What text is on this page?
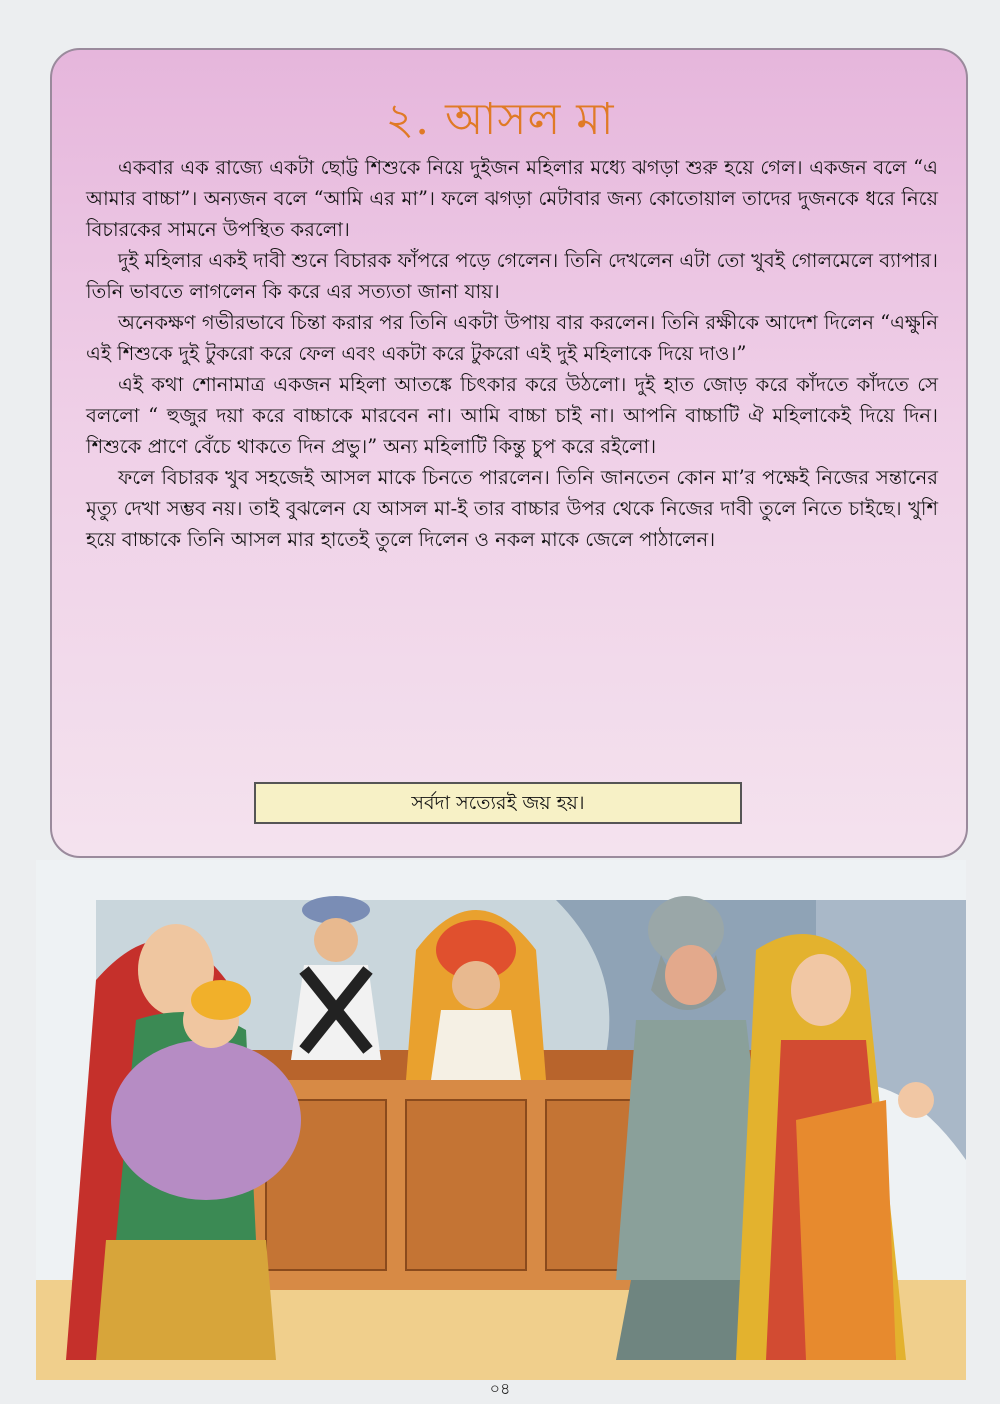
২. আসল মা

একবার এক রাজ্যে একটা ছোট্ট শিশুকে নিয়ে দুইজন মহিলার মধ্যে ঝগড়া শুরু হয়ে গেল। একজন বলে “এ আমার বাচ্চা”। অন্যজন বলে “আমি এর মা”। ফলে ঝগড়া মেটাবার জন্য কোতোয়াল তাদের দুজনকে ধরে নিয়ে বিচারকের সামনে উপস্থিত করলো।

দুই মহিলার একই দাবী শুনে বিচারক ফাঁপরে পড়ে গেলেন। তিনি দেখলেন এটা তো খুবই গোলমেলে ব্যাপার। তিনি ভাবতে লাগলেন কি করে এর সত্যতা জানা যায়।

অনেকক্ষণ গভীরভাবে চিন্তা করার পর তিনি একটা উপায় বার করলেন। তিনি রক্ষীকে আদেশ দিলেন “এক্ষুনি এই শিশুকে দুই টুকরো করে ফেল এবং একটা করে টুকরো এই দুই মহিলাকে দিয়ে দাও।”

এই কথা শোনামাত্র একজন মহিলা আতঙ্কে চিৎকার করে উঠলো। দুই হাত জোড় করে কাঁদতে কাঁদতে সে বললো “ হুজুর দয়া করে বাচ্চাকে মারবেন না। আমি বাচ্চা চাই না। আপনি বাচ্চাটি ঐ মহিলাকেই দিয়ে দিন। শিশুকে প্রাণে বেঁচে থাকতে দিন প্রভু।” অন্য মহিলাটি কিন্তু চুপ করে রইলো।

ফলে বিচারক খুব সহজেই আসল মাকে চিনতে পারলেন। তিনি জানতেন কোন মা’র পক্ষেই নিজের সন্তানের মৃত্যু দেখা সম্ভব নয়। তাই বুঝলেন যে আসল মা-ই তার বাচ্চার উপর থেকে নিজের দাবী তুলে নিতে চাইছে। খুশি হয়ে বাচ্চাকে তিনি আসল মার হাতেই তুলে দিলেন ও নকল মাকে জেলে পাঠালেন।

সর্বদা সত্যেরই জয় হয়।
০৪
